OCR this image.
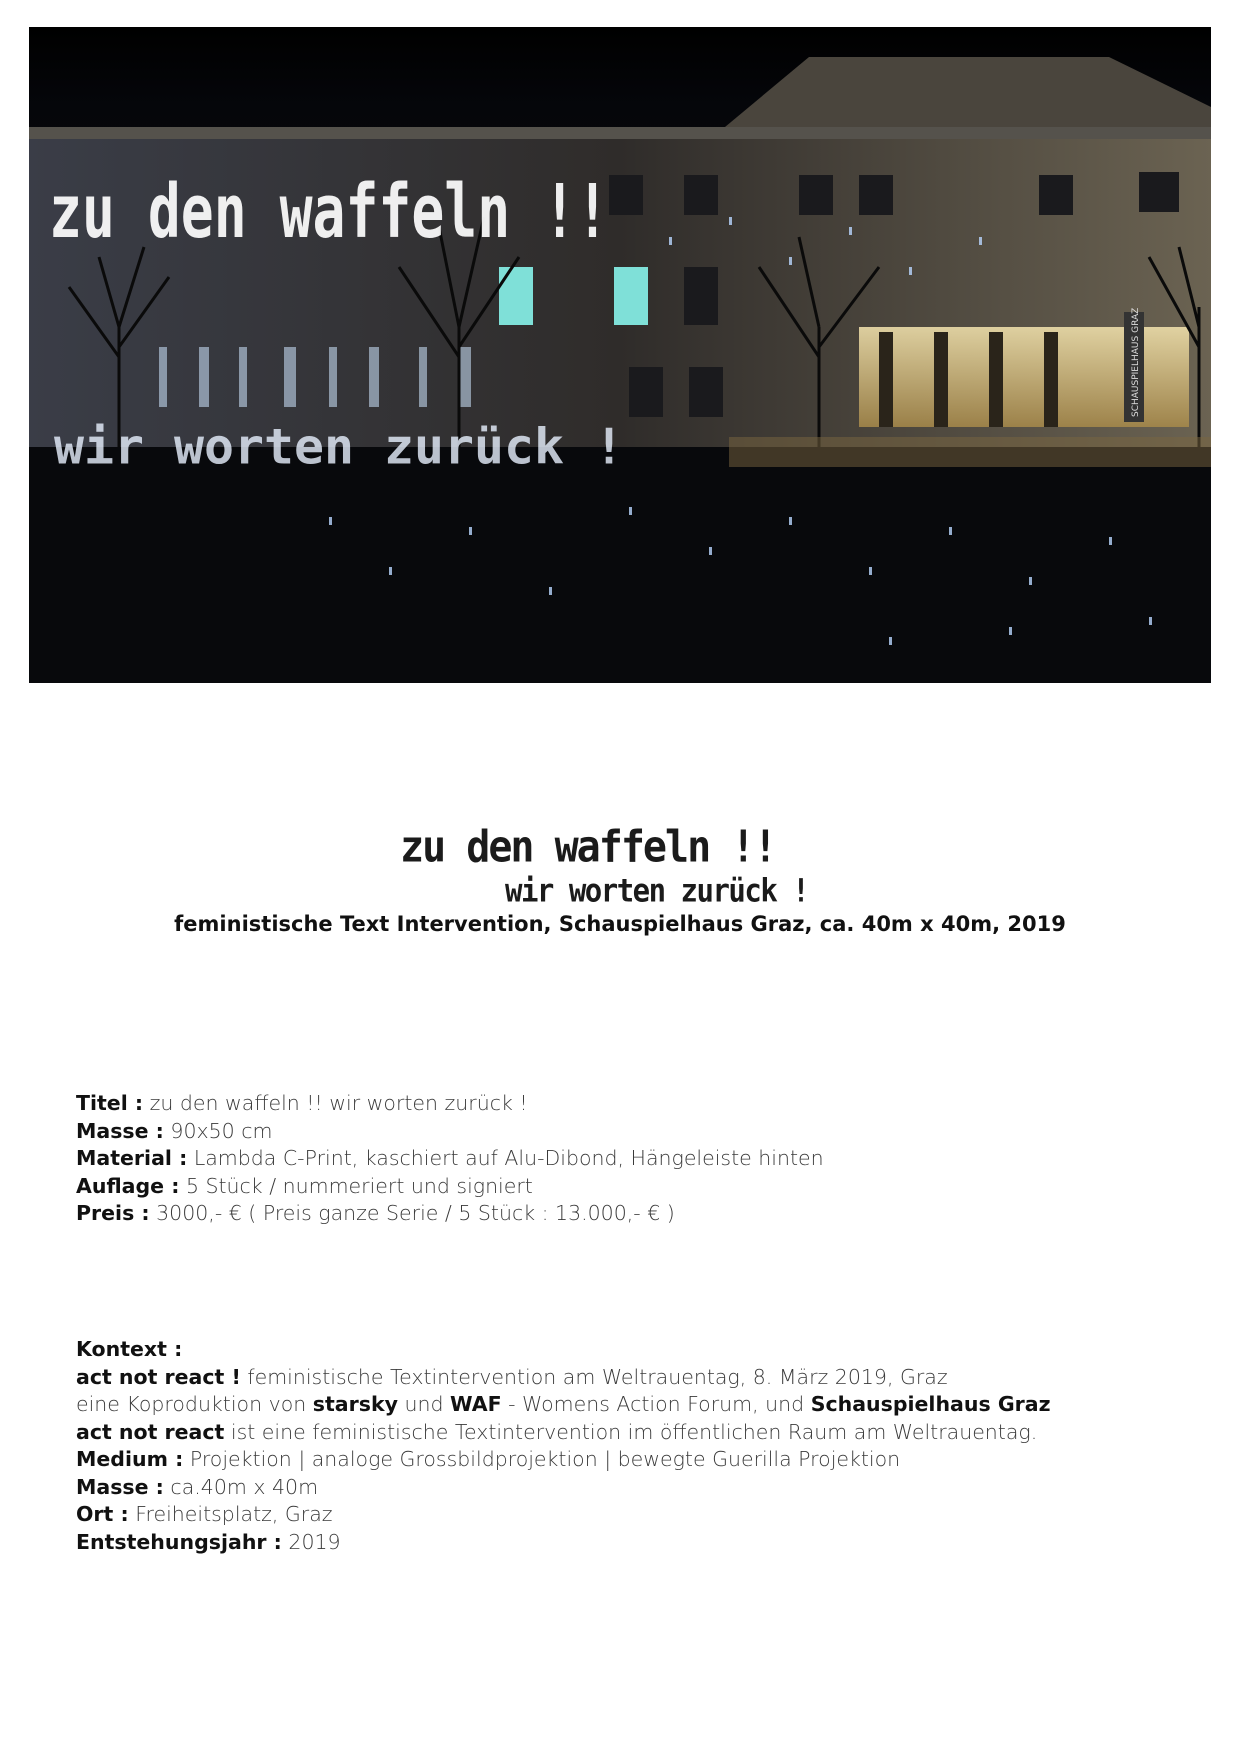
zu den waffeln !!
wir worten zurück !
SCHAUSPIELHAUS GRAZ
zu den waffeln !!
wir worten zurück !
feministische Text Intervention, Schauspielhaus Graz, ca. 40m x 40m, 2019
Titel : zu den waffeln !! wir worten zurück !
Masse : 90x50 cm
Material : Lambda C-Print, kaschiert auf Alu-Dibond, Hängeleiste hinten
Auflage : 5 Stück / nummeriert und signiert
Preis : 3000,- € ( Preis ganze Serie / 5 Stück : 13.000,- € )
Kontext :
act not react ! feministische Textintervention am Weltrauentag, 8. März 2019, Graz
eine Koproduktion von starsky und WAF - Womens Action Forum, und Schauspielhaus Graz
act not react ist eine feministische Textintervention im öffentlichen Raum am Weltrauentag.
Medium : Projektion | analoge Grossbildprojektion | bewegte Guerilla Projektion
Masse : ca.40m x 40m
Ort : Freiheitsplatz, Graz
Entstehungsjahr : 2019
